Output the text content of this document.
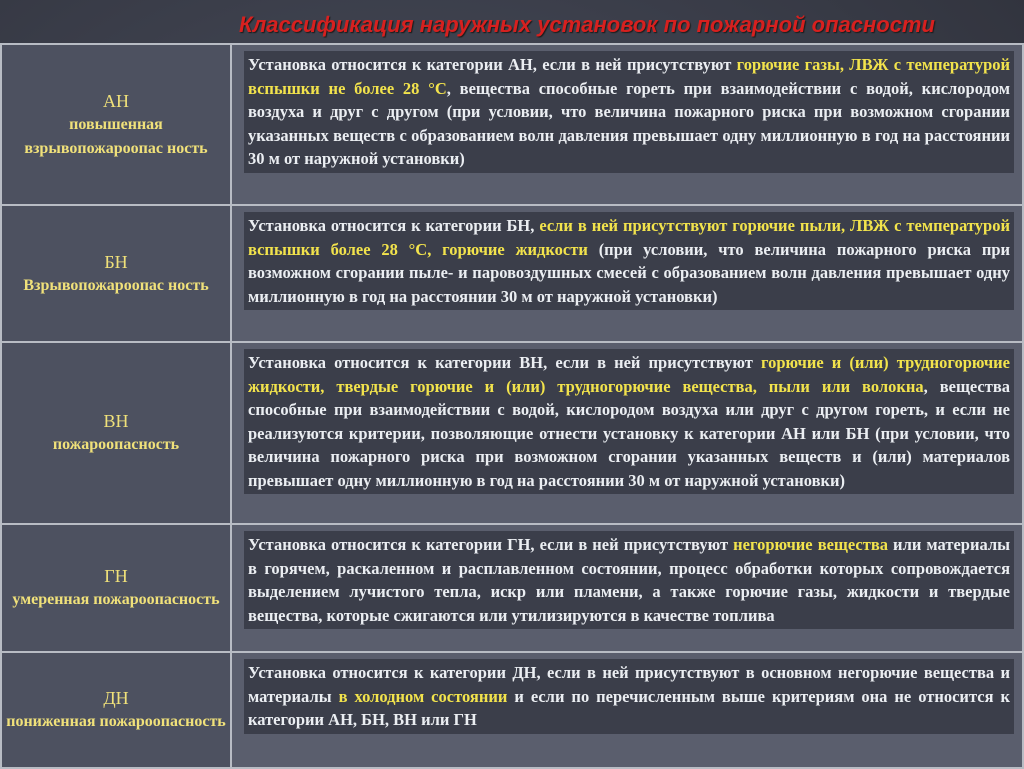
Классификация наружных установок по пожарной опасности
АН
повышенная взрывопожароопас ность	Установка относится к категории АН, если в ней присутствуют горючие газы, ЛВЖ с температурой вспышки не более 28 °С, вещества способные гореть при взаимодействии с водой, кислородом воздуха и друг с другом (при условии, что величина пожарного риска при возможном сгорании указанных веществ с образованием волн давления превышает одну миллионную в год на расстоянии 30 м от наружной установки)

БН
Взрывопожароопас ность	Установка относится к категории БН, если в ней присутствуют горючие пыли, ЛВЖ с температурой вспышки более 28 °С, горючие жидкости (при условии, что величина пожарного риска при возможном сгорании пыле- и паровоздушных смесей с образованием волн давления превышает одну миллионную в год на расстоянии 30 м от наружной установки)

ВН
пожароопасность	Установка относится к категории ВН, если в ней присутствуют горючие и (или) трудногорючие жидкости, твердые горючие и (или) трудногорючие вещества, пыли или волокна, вещества способные при взаимодействии с водой, кислородом воздуха или друг с другом гореть, и если не реализуются критерии, позволяющие отнести установку к категории АН или БН (при условии, что величина пожарного риска при возможном сгорании указанных веществ и (или) материалов превышает одну миллионную в год на расстоянии 30 м от наружной установки)

ГН
умеренная пожароопасность	Установка относится к категории ГН, если в ней присутствуют негорючие вещества или материалы в горячем, раскаленном и расплавленном состоянии, процесс обработки которых сопровождается выделением лучистого тепла, искр или пламени, а также горючие газы, жидкости и твердые вещества, которые сжигаются или утилизируются в качестве топлива

ДН
пониженная пожароопасность	Установка относится к категории ДН, если в ней присутствуют в основном негорючие вещества и материалы в холодном состоянии и если по перечисленным выше критериям она не относится к категории АН, БН, ВН или ГН
